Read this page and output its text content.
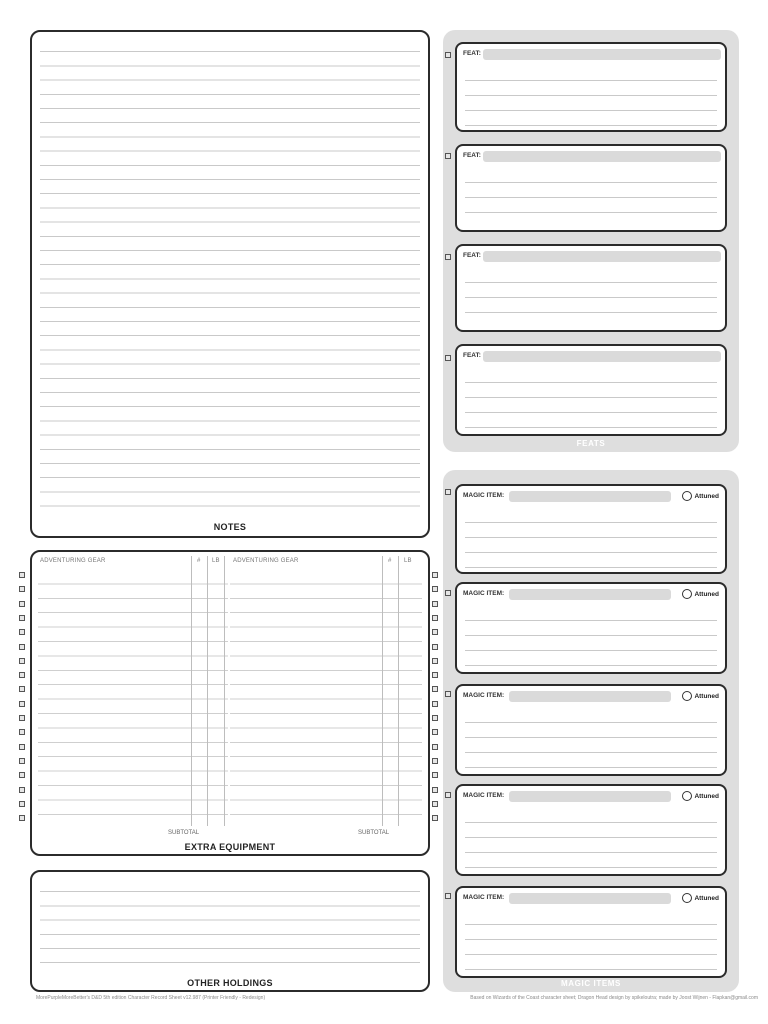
NOTES
ADVENTURING GEAR	# LB ADVENTURING GEAR	# LB
SUBTOTAL	SUBTOTAL
EXTRA EQUIPMENT
OTHER HOLDINGS
FEAT:
FEAT:
FEAT:
FEAT:
FEATS
MAGIC ITEM:	Attuned
MAGIC ITEM:	Attuned
MAGIC ITEM:	Attuned
MAGIC ITEM:	Attuned
MAGIC ITEM:	Attuned
MAGIC ITEMS
MorePurpleMoreBetter's D&D 5th edition Character Record Sheet v12.987 (Printer Friendly - Redesign)	Based on Wizards of the Coast character sheet; Dragon Head design by spikeloutra; made by Joost Wijnen - Flapkan@gmail.com
